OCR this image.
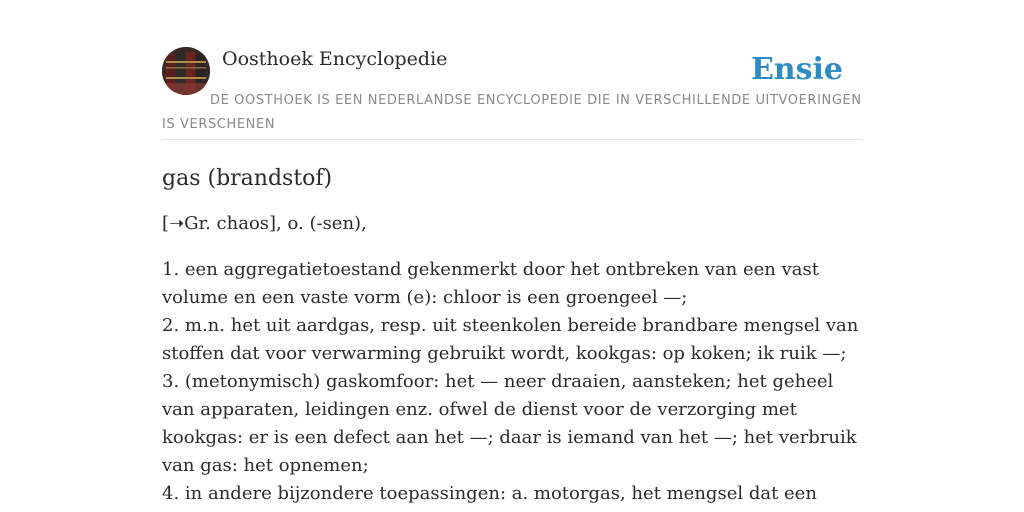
Oosthoek Encyclopedie	Ensie
DE OOSTHOEK IS EEN NEDERLANDSE ENCYCLOPEDIE DIE IN VERSCHILLENDE UITVOERINGEN IS VERSCHENEN
gas (brandstof)

[➝Gr. chaos], o. (-sen),

1. een aggregatietoestand gekenmerkt door het ontbreken van een vast volume en een vaste vorm (e): chloor is een groengeel —;
2. m.n. het uit aardgas, resp. uit steenkolen bereide brandbare mengsel van stoffen dat voor verwarming gebruikt wordt, kookgas: op koken; ik ruik —;
3. (metonymisch) gaskomfoor: het — neer draaien, aansteken; het geheel van apparaten, leidingen enz. ofwel de dienst voor de verzorging met kookgas: er is een defect aan het —; daar is iemand van het —; het verbruik van gas: het opnemen;
4. in andere bijzondere toepassingen: a. motorgas, het mengsel dat een
